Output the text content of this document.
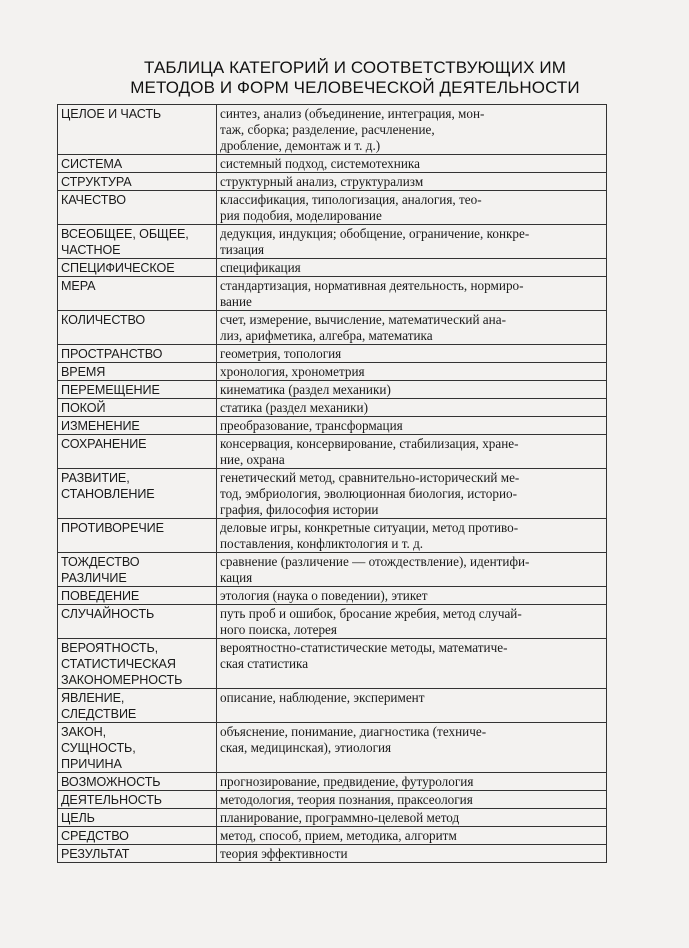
ТАБЛИЦА КАТЕГОРИЙ И СООТВЕТСТВУЮЩИХ ИМ
МЕТОДОВ И ФОРМ ЧЕЛОВЕЧЕСКОЙ ДЕЯТЕЛЬНОСТИ
ЦЕЛОЕ И ЧАСТЬ	синтез, анализ (объединение, интеграция, мон-
таж, сборка; разделение, расчленение,
дробление, демонтаж и т. д.)

СИСТЕМА	системный подход, системотехника

СТРУКТУРА	структурный анализ, структурализм

КАЧЕСТВО	классификация, типологизация, аналогия, тео-
рия подобия, моделирование

ВСЕОБЩЕЕ, ОБЩЕЕ,
ЧАСТНОЕ	дедукция, индукция; обобщение, ограничение, конкре-
тизация

СПЕЦИФИЧЕСКОЕ	спецификация

МЕРА	стандартизация, нормативная деятельность, нормиро-
вание

КОЛИЧЕСТВО	счет, измерение, вычисление, математический ана-
лиз, арифметика, алгебра, математика

ПРОСТРАНСТВО	геометрия, топология

ВРЕМЯ	хронология, хронометрия

ПЕРЕМЕЩЕНИЕ	кинематика (раздел механики)

ПОКОЙ	статика (раздел механики)

ИЗМЕНЕНИЕ	преобразование, трансформация

СОХРАНЕНИЕ	консервация, консервирование, стабилизация, хране-
ние, охрана

РАЗВИТИЕ,
СТАНОВЛЕНИЕ	генетический метод, сравнительно-исторический ме-
тод, эмбриология, эволюционная биология, историо-
графия, философия истории

ПРОТИВОРЕЧИЕ	деловые игры, конкретные ситуации, метод противо-
поставления, конфликтология и т. д.

ТОЖДЕСТВО
РАЗЛИЧИЕ	сравнение (различение — отождествление), идентифи-
кация

ПОВЕДЕНИЕ	этология (наука о поведении), этикет

СЛУЧАЙНОСТЬ	путь проб и ошибок, бросание жребия, метод случай-
ного поиска, лотерея

ВЕРОЯТНОСТЬ,
СТАТИСТИЧЕСКАЯ
ЗАКОНОМЕРНОСТЬ	вероятностно-статистические методы, математиче-
ская статистика

ЯВЛЕНИЕ,
СЛЕДСТВИЕ	описание, наблюдение, эксперимент

ЗАКОН,
СУЩНОСТЬ,
ПРИЧИНА	объяснение, понимание, диагностика (техниче-
ская, медицинская), этиология

ВОЗМОЖНОСТЬ	прогнозирование, предвидение, футурология

ДЕЯТЕЛЬНОСТЬ	методология, теория познания, праксеология

ЦЕЛЬ	планирование, программно-целевой метод

СРЕДСТВО	метод, способ, прием, методика, алгоритм

РЕЗУЛЬТАТ	теория эффективности
